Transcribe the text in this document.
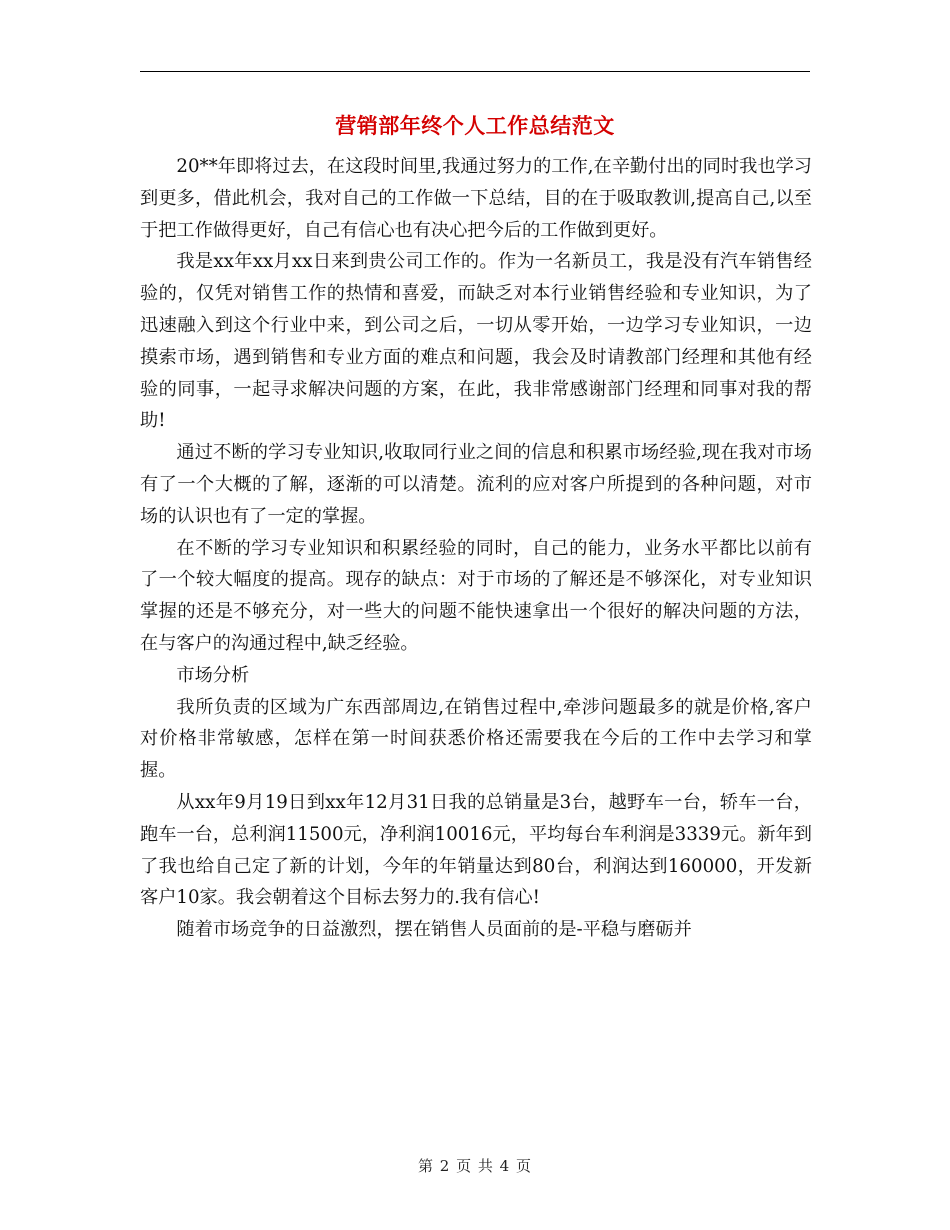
营销部年终个人工作总结范文

20**年即将过去，在这段时间里,我通过努力的工作,在辛勤付出的同时我也学习到更多，借此机会，我对自己的工作做一下总结，目的在于吸取教训,提高自己,以至于把工作做得更好，自己有信心也有决心把今后的工作做到更好。

我是xx年xx月xx日来到贵公司工作的。作为一名新员工，我是没有汽车销售经验的，仅凭对销售工作的热情和喜爱，而缺乏对本行业销售经验和专业知识，为了迅速融入到这个行业中来，到公司之后，一切从零开始，一边学习专业知识，一边摸索市场，遇到销售和专业方面的难点和问题，我会及时请教部门经理和其他有经验的同事，一起寻求解决问题的方案，在此，我非常感谢部门经理和同事对我的帮助!

通过不断的学习专业知识,收取同行业之间的信息和积累市场经验,现在我对市场有了一个大概的了解，逐渐的可以清楚。流利的应对客户所提到的各种问题，对市场的认识也有了一定的掌握。

在不断的学习专业知识和积累经验的同时，自己的能力，业务水平都比以前有了一个较大幅度的提高。现存的缺点：对于市场的了解还是不够深化，对专业知识掌握的还是不够充分，对一些大的问题不能快速拿出一个很好的解决问题的方法，在与客户的沟通过程中,缺乏经验。

市场分析

我所负责的区域为广东西部周边,在销售过程中,牵涉问题最多的就是价格,客户对价格非常敏感，怎样在第一时间获悉价格还需要我在今后的工作中去学习和掌握。

从xx年9月19日到xx年12月31日我的总销量是3台，越野车一台，轿车一台，跑车一台，总利润11500元，净利润10016元，平均每台车利润是3339元。新年到了我也给自己定了新的计划，今年的年销量达到80台，利润达到160000，开发新客户10家。我会朝着这个目标去努力的.我有信心!

随着市场竞争的日益激烈，摆在销售人员面前的是-平稳与磨砺并

第 2 页 共 4 页
